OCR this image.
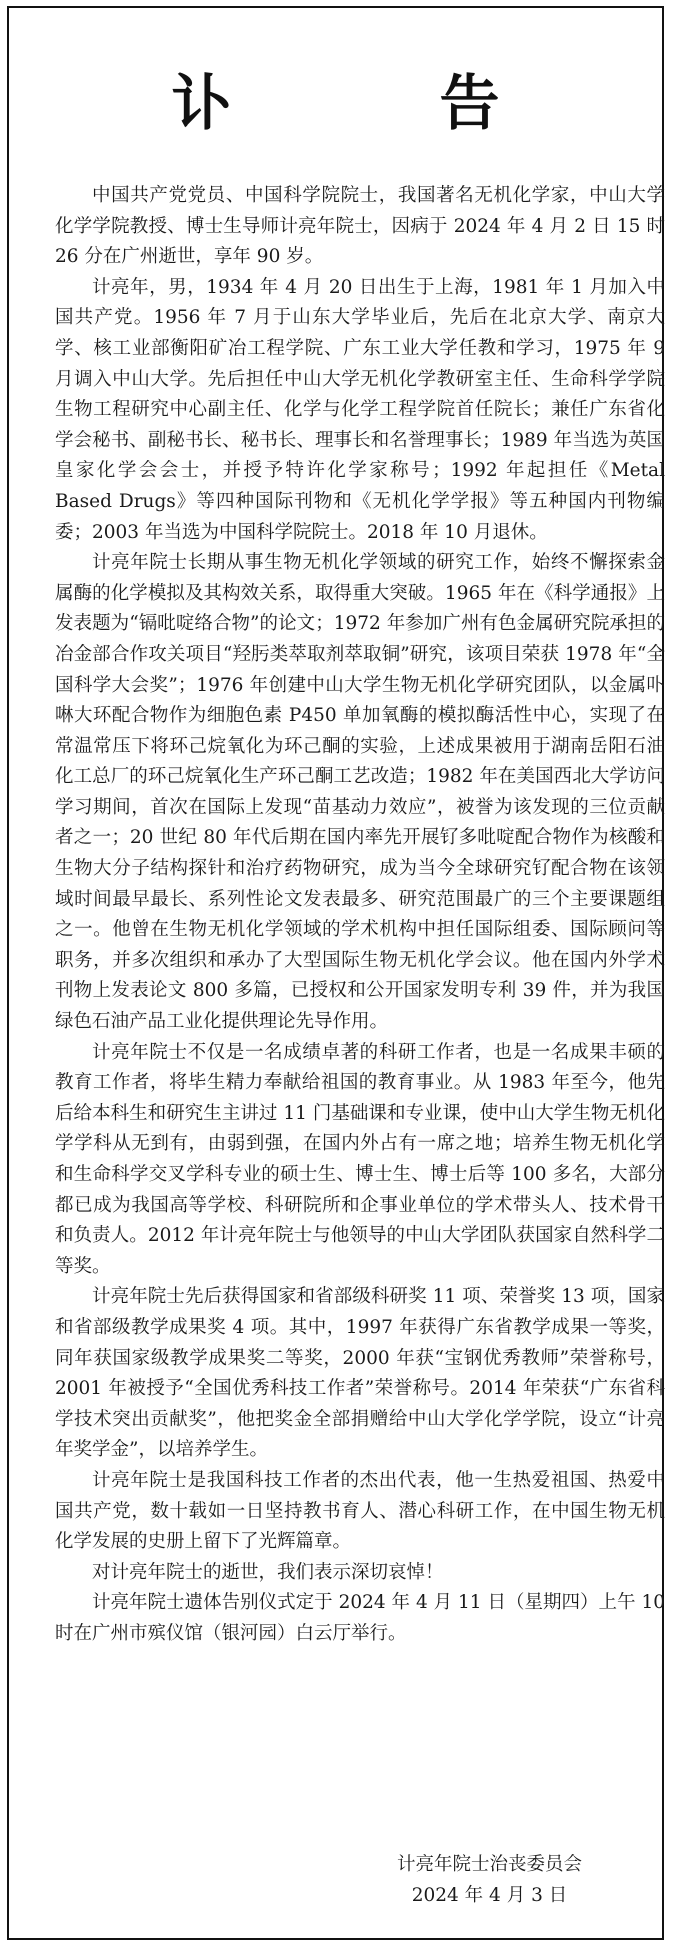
讣　告

中国共产党党员、中国科学院院士，我国著名无机化学家，中山大学化学学院教授、博士生导师计亮年院士，因病于 2024 年 4 月 2 日 15 时 26 分在广州逝世，享年 90 岁。

计亮年，男，1934 年 4 月 20 日出生于上海，1981 年 1 月加入中国共产党。1956 年 7 月于山东大学毕业后，先后在北京大学、南京大学、核工业部衡阳矿冶工程学院、广东工业大学任教和学习，1975 年 9 月调入中山大学。先后担任中山大学无机化学教研室主任、生命科学学院生物工程研究中心副主任、化学与化学工程学院首任院长；兼任广东省化学会秘书、副秘书长、秘书长、理事长和名誉理事长；1989 年当选为英国皇家化学会会士，并授予特许化学家称号；1992 年起担任《Metal Based Drugs》等四种国际刊物和《无机化学学报》等五种国内刊物编委；2003 年当选为中国科学院院士。2018 年 10 月退休。

计亮年院士长期从事生物无机化学领域的研究工作，始终不懈探索金属酶的化学模拟及其构效关系，取得重大突破。1965 年在《科学通报》上发表题为“镉吡啶络合物”的论文；1972 年参加广州有色金属研究院承担的冶金部合作攻关项目“羟肟类萃取剂萃取铜”研究，该项目荣获 1978 年“全国科学大会奖”；1976 年创建中山大学生物无机化学研究团队，以金属卟啉大环配合物作为细胞色素 P450 单加氧酶的模拟酶活性中心，实现了在常温常压下将环己烷氧化为环己酮的实验，上述成果被用于湖南岳阳石油化工总厂的环己烷氧化生产环己酮工艺改造；1982 年在美国西北大学访问学习期间，首次在国际上发现“苗基动力效应”，被誉为该发现的三位贡献者之一；20 世纪 80 年代后期在国内率先开展钌多吡啶配合物作为核酸和生物大分子结构探针和治疗药物研究，成为当今全球研究钌配合物在该领域时间最早最长、系列性论文发表最多、研究范围最广的三个主要课题组之一。他曾在生物无机化学领域的学术机构中担任国际组委、国际顾问等职务，并多次组织和承办了大型国际生物无机化学会议。他在国内外学术刊物上发表论文 800 多篇，已授权和公开国家发明专利 39 件，并为我国绿色石油产品工业化提供理论先导作用。

计亮年院士不仅是一名成绩卓著的科研工作者，也是一名成果丰硕的教育工作者，将毕生精力奉献给祖国的教育事业。从 1983 年至今，他先后给本科生和研究生主讲过 11 门基础课和专业课，使中山大学生物无机化学学科从无到有，由弱到强，在国内外占有一席之地；培养生物无机化学和生命科学交叉学科专业的硕士生、博士生、博士后等 100 多名，大部分都已成为我国高等学校、科研院所和企事业单位的学术带头人、技术骨干和负责人。2012 年计亮年院士与他领导的中山大学团队获国家自然科学二等奖。

计亮年院士先后获得国家和省部级科研奖 11 项、荣誉奖 13 项，国家和省部级教学成果奖 4 项。其中，1997 年获得广东省教学成果一等奖，同年获国家级教学成果奖二等奖，2000 年获“宝钢优秀教师”荣誉称号，2001 年被授予“全国优秀科技工作者”荣誉称号。2014 年荣获“广东省科学技术突出贡献奖”，他把奖金全部捐赠给中山大学化学学院，设立“计亮年奖学金”，以培养学生。

计亮年院士是我国科技工作者的杰出代表，他一生热爱祖国、热爱中国共产党，数十载如一日坚持教书育人、潜心科研工作，在中国生物无机化学发展的史册上留下了光辉篇章。

对计亮年院士的逝世，我们表示深切哀悼！

计亮年院士遗体告别仪式定于 2024 年 4 月 11 日（星期四）上午 10 时在广州市殡仪馆（银河园）白云厅举行。

计亮年院士治丧委员会
2024 年 4 月 3 日
